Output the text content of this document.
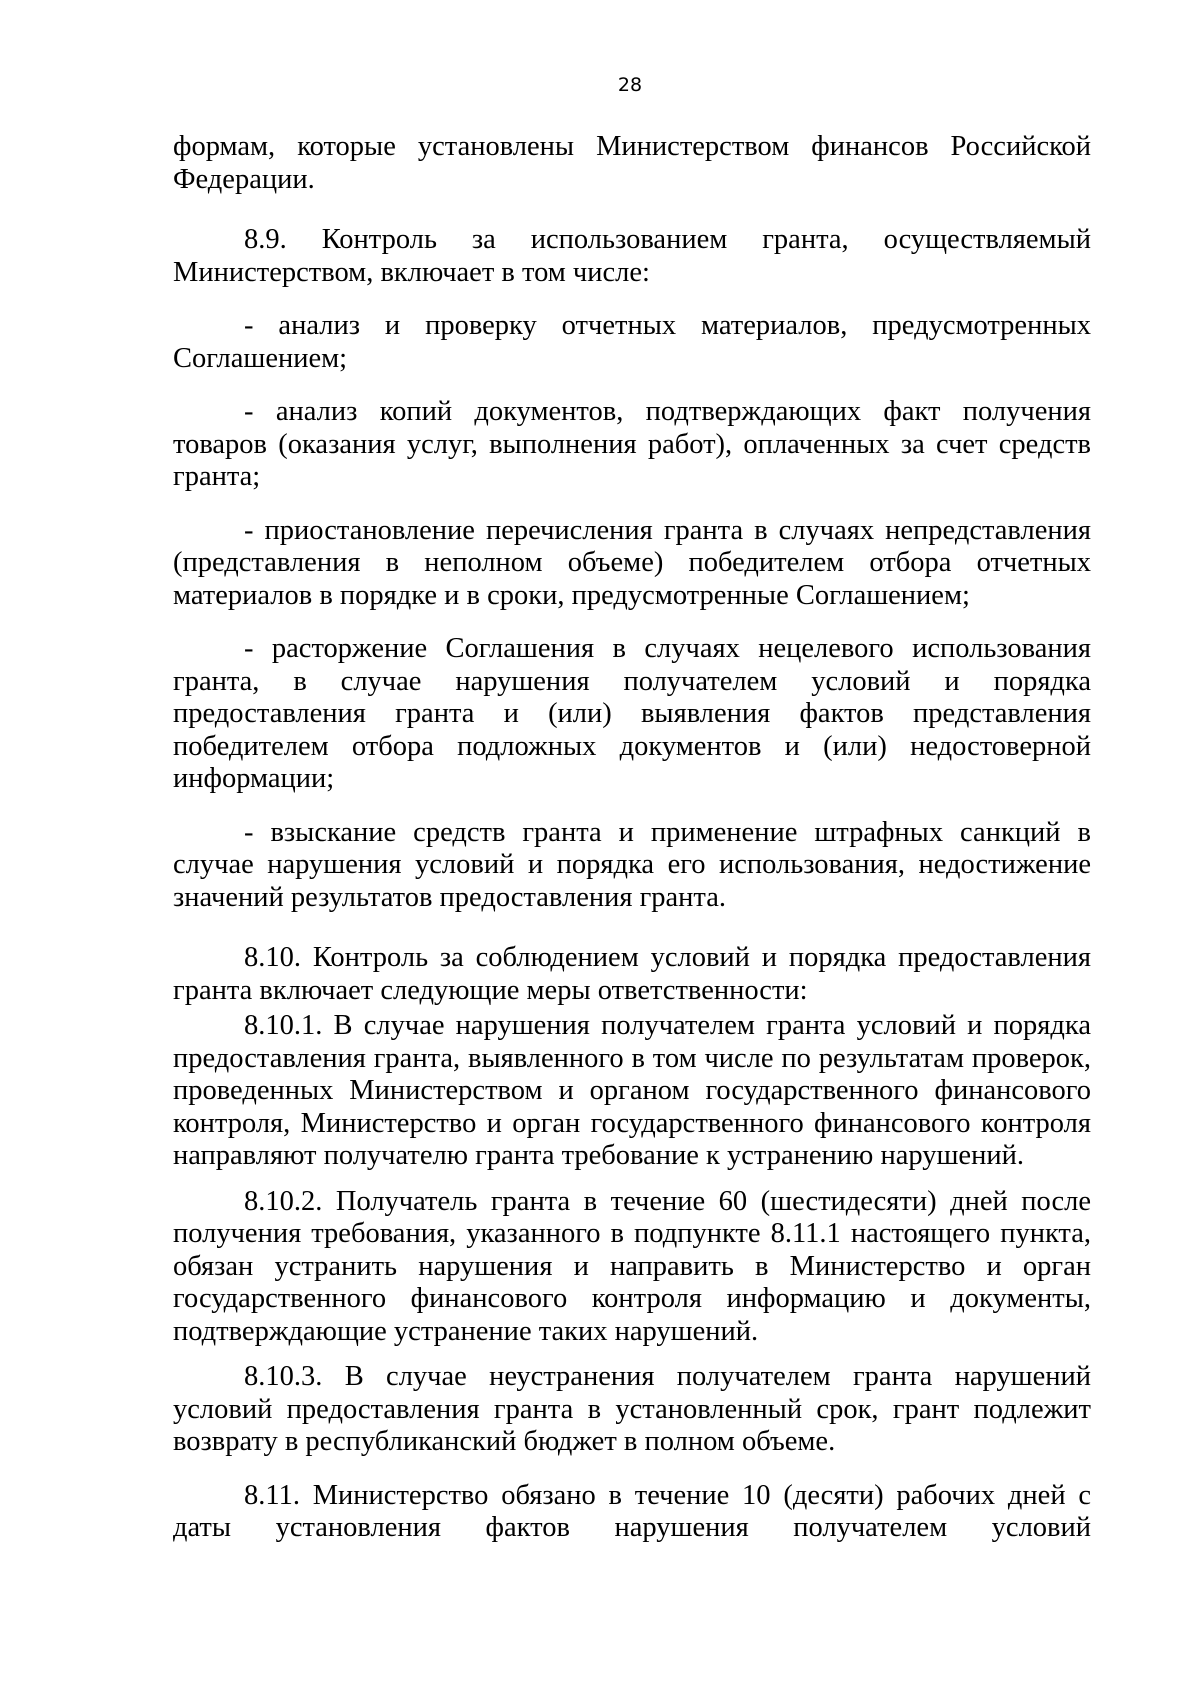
28

формам, которые установлены Министерством финансов Российской Федерации.

8.9. Контроль за использованием гранта, осуществляемый Министерством, включает в том числе:

- анализ и проверку отчетных материалов, предусмотренных Соглашением;

- анализ копий документов, подтверждающих факт получения товаров (оказания услуг, выполнения работ), оплаченных за счет средств гранта;

- приостановление перечисления гранта в случаях непредставления (представления в неполном объеме) победителем отбора отчетных материалов в порядке и в сроки, предусмотренные Соглашением;

- расторжение Соглашения в случаях нецелевого использования гранта, в случае нарушения получателем условий и порядка предоставления гранта и (или) выявления фактов представления победителем отбора подложных документов и (или) недостоверной информации;

- взыскание средств гранта и применение штрафных санкций в случае нарушения условий и порядка его использования, недостижение значений результатов предоставления гранта.

8.10. Контроль за соблюдением условий и порядка предоставления гранта включает следующие меры ответственности:

8.10.1. В случае нарушения получателем гранта условий и порядка предоставления гранта, выявленного в том числе по результатам проверок, проведенных Министерством и органом государственного финансового контроля, Министерство и орган государственного финансового контроля направляют получателю гранта требование к устранению нарушений.

8.10.2. Получатель гранта в течение 60 (шестидесяти) дней после получения требования, указанного в подпункте 8.11.1 настоящего пункта, обязан устранить нарушения и направить в Министерство и орган государственного финансового контроля информацию и документы, подтверждающие устранение таких нарушений.

8.10.3. В случае неустранения получателем гранта нарушений условий предоставления гранта в установленный срок, грант подлежит возврату в республиканский бюджет в полном объеме.

8.11. Министерство обязано в течение 10 (десяти) рабочих дней с даты установления фактов нарушения получателем условий
